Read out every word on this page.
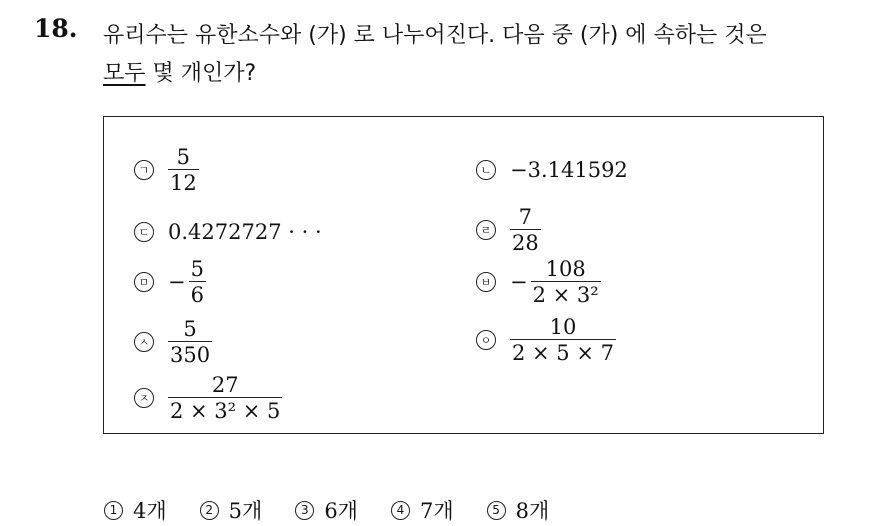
18. 유리수는 유한소수와 (가) 로 나누어진다. 다음 중 (가) 에 속하는 것은
모두 몇 개인가?
ㄱ $\frac{5}{12}$	ㄴ −3.141592
ㄷ 0.4272727 · · ·	ㄹ $\frac{7}{28}$
ㅁ − $\frac{5}{6}$	ㅂ − $\frac{108}{\text{2 × 3²}}$
ㅅ $\frac{5}{350}$	ㅇ $\frac{10}{2 \times 5 \times 7}$
ㅈ $\frac{27}{\text{2 × 3² × 5}}$
1 4개	2 5개	3 6개	4 7개	5 8개
